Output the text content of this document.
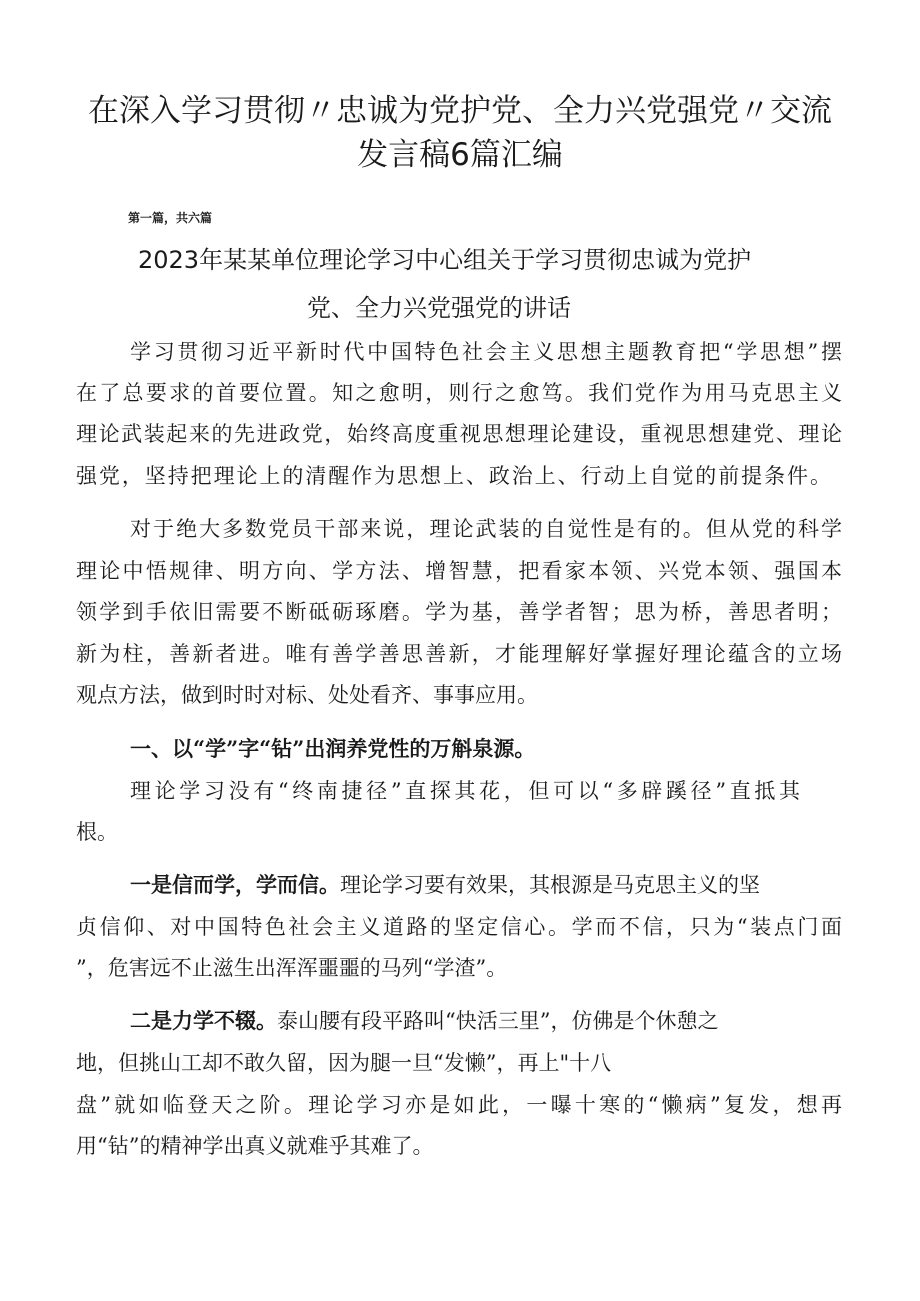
在深入学习贯彻〃忠诚为党护党、全力兴党强党〃交流
发言稿6篇汇编
第一篇，共六篇
2023年某某单位理论学习中心组关于学习贯彻忠诚为党护
党、全力兴党强党的讲话
学习贯彻习近平新时代中国特色社会主义思想主题教育把“学思想”摆
在了总要求的首要位置。知之愈明，则行之愈笃。我们党作为用马克思主义
理论武装起来的先进政党，始终高度重视思想理论建设，重视思想建党、理论
强党，坚持把理论上的清醒作为思想上、政治上、行动上自觉的前提条件。
对于绝大多数党员干部来说，理论武装的自觉性是有的。但从党的科学
理论中悟规律、明方向、学方法、增智慧，把看家本领、兴党本领、强国本
领学到手依旧需要不断砥砺琢磨。学为基，善学者智；思为桥，善思者明；
新为柱，善新者进。唯有善学善思善新，才能理解好掌握好理论蕴含的立场
观点方法，做到时时对标、处处看齐、事事应用。
一、以“学”字“钻”出润养党性的万斛泉源。
理论学习没有“终南捷径”直探其花，但可以“多辟蹊径”直抵其
根。
一是信而学，学而信。理论学习要有效果，其根源是马克思主义的坚
贞信仰、对中国特色社会主义道路的坚定信心。学而不信，只为“装点门面
”，危害远不止滋生出浑浑噩噩的马列“学渣”。
二是力学不辍。泰山腰有段平路叫“快活三里”，仿佛是个休憩之
地，但挑山工却不敢久留，因为腿一旦“发懒”，再上"十八
盘”就如临登天之阶。理论学习亦是如此，一曝十寒的“懒病”复发，想再
用“钻”的精神学出真义就难乎其难了。
